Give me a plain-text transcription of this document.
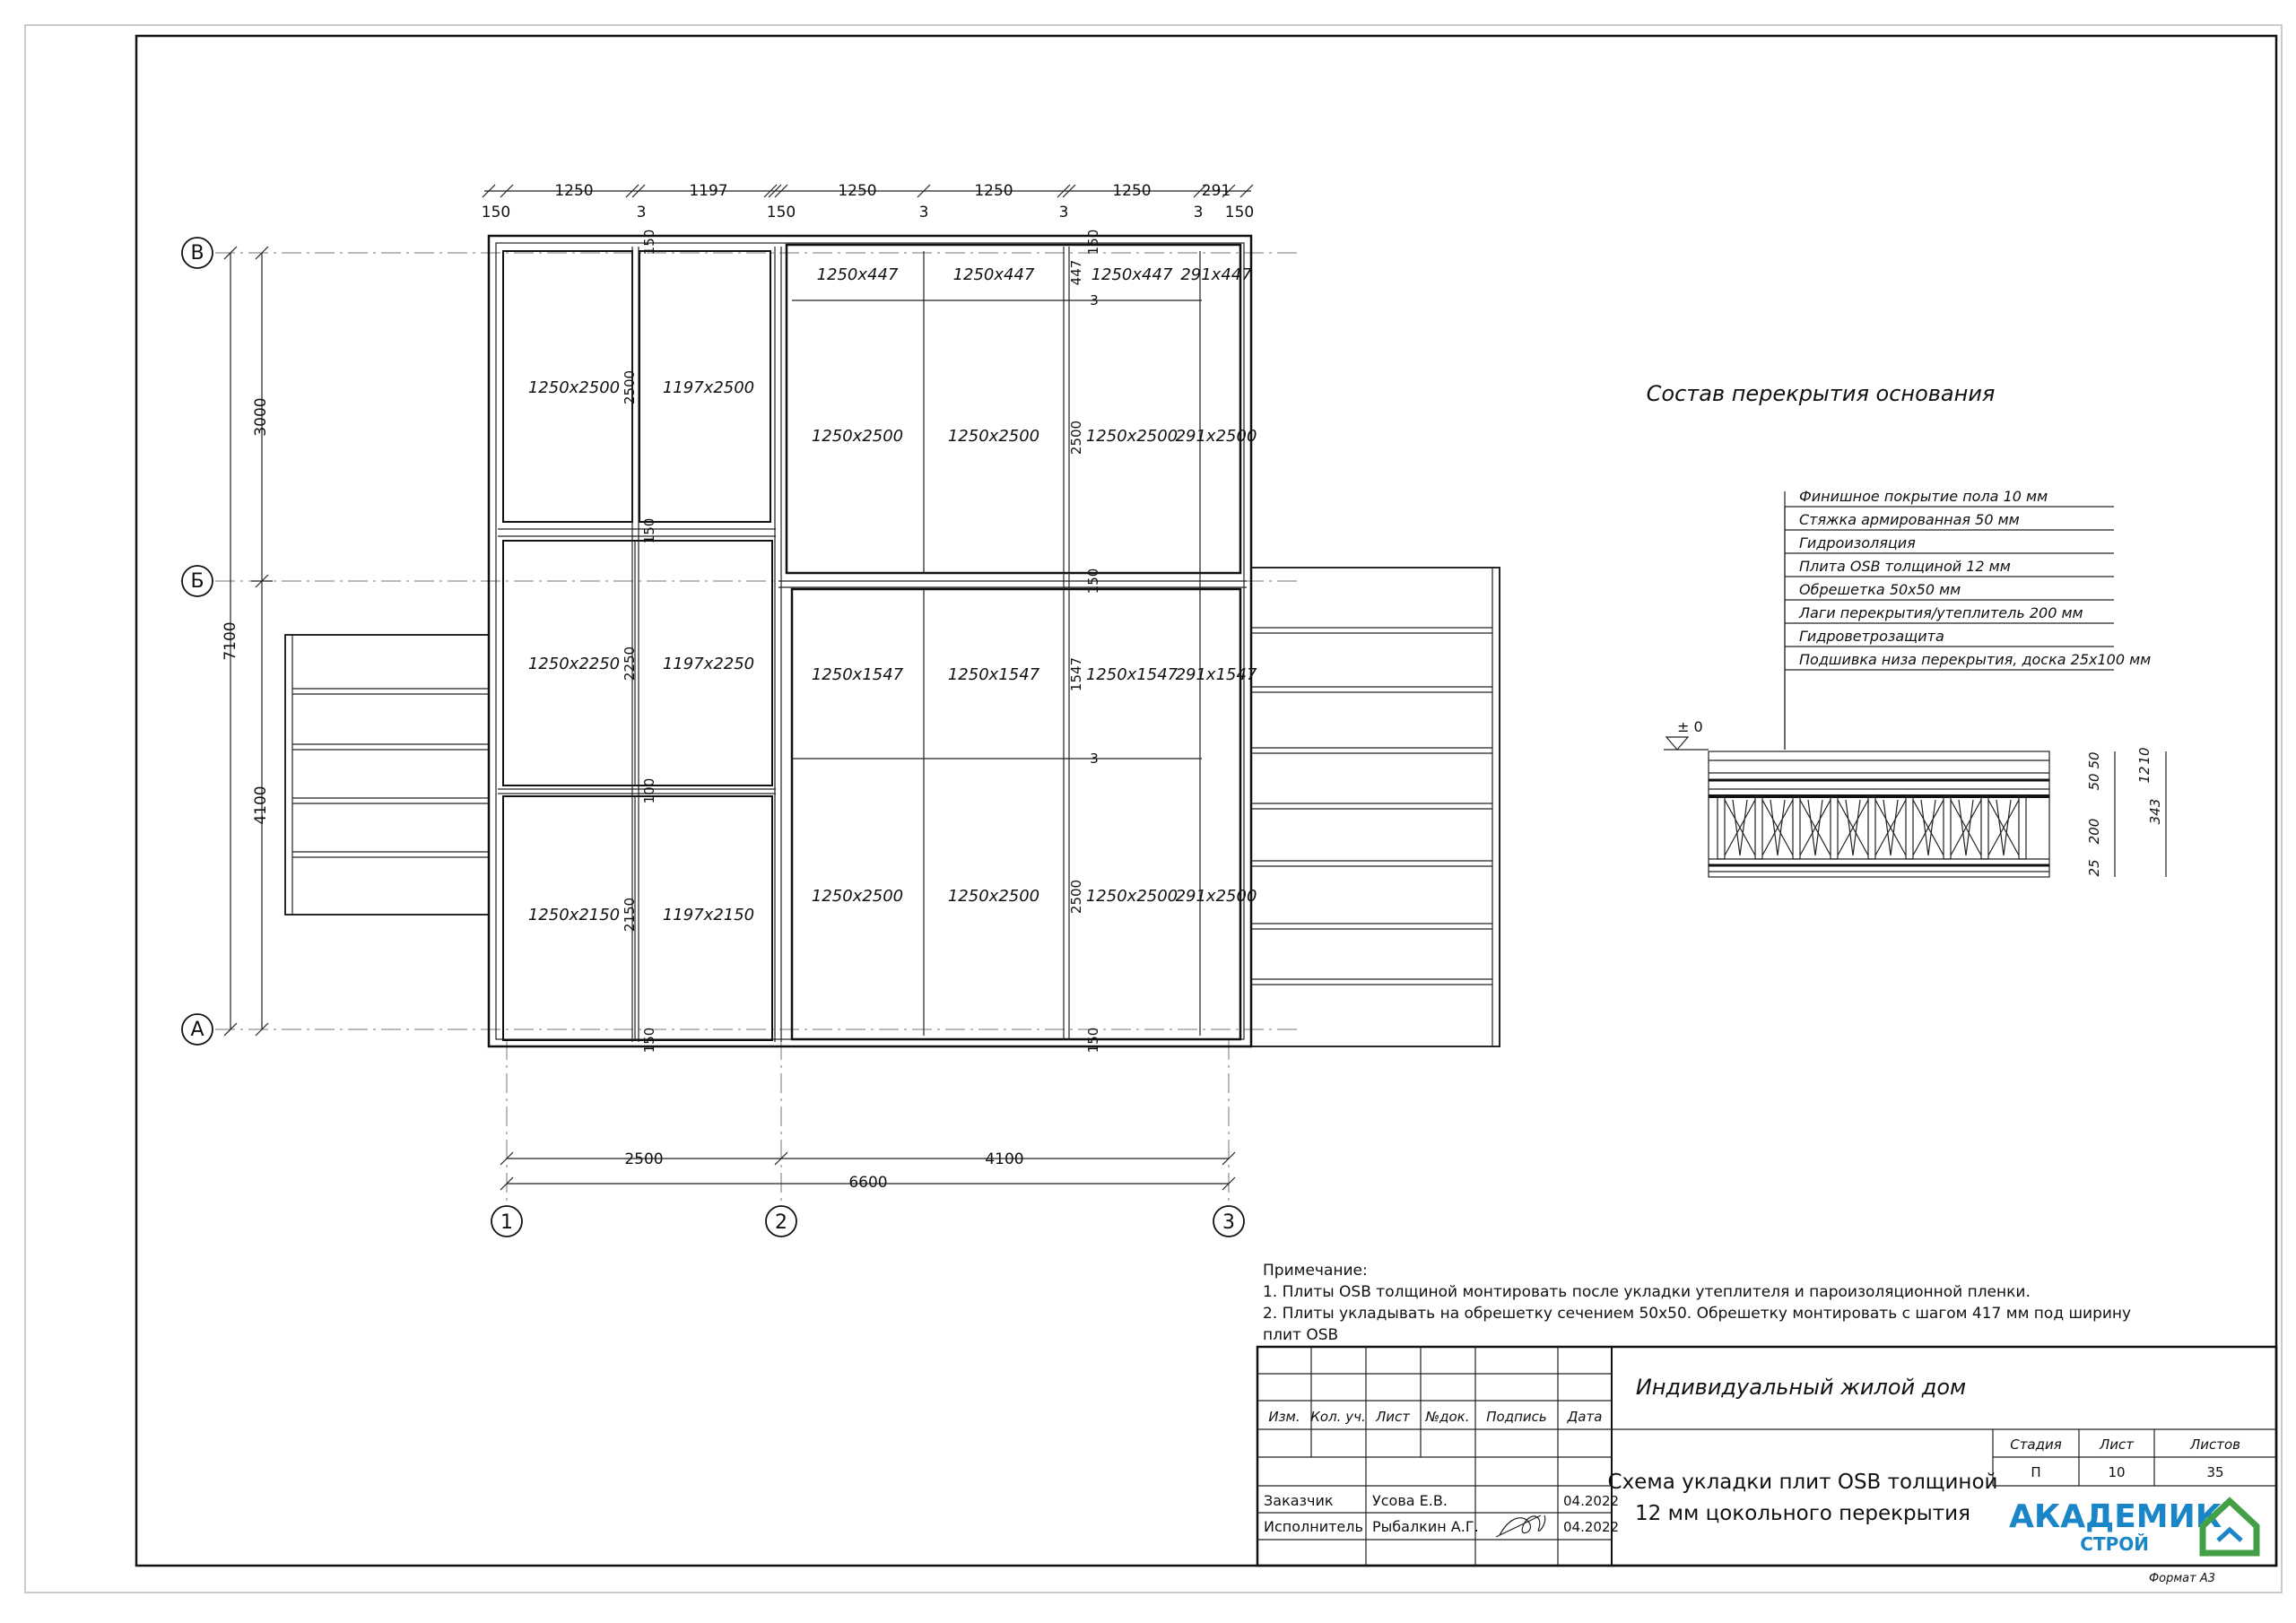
150
1250
3
1197
150
1250
3
1250
3
1250
3
291
150
7100
3000
4100
В
Б
А
2500	4100
6600
1	2	3
1250x2500	1197x2500
1250x2250	1197x2250
1250x2150	1197x2150
1250x447	1250x447	1250x447 291x447
1250x2500	1250x2500	1250x2500
291x2500
1250x1547	1250x1547	1250x1547
291x1547
1250x2500	1250x2500	1250x2500
291x2500
150
2500
150
2250
100
2150
150
150
447
3
2500
150
1547
3
2500
150
Состав перекрытия основания
Финишное покрытие пола 10 мм
Стяжка армированная 50 мм
Гидроизоляция
Плита OSB толщиной 12 мм
Обрешетка 50х50 мм
Лаги перекрытия/утеплитель 200 мм
Гидроветрозащита
Подшивка низа перекрытия, доска 25х100 мм
± 0
12
10
50
50
200
25
343
Примечание:
1. Плиты OSB толщиной монтировать после укладки утеплителя и пароизоляционной пленки.
2. Плиты укладывать на обрешетку сечением 50х50. Обрешетку монтировать с шагом 417 мм под ширину
плит OSB
Изм. Кол. уч. Лист №док. Подпись Дата
Заказчик	Усова Е.В.	04.2022
Исполнитель Рыбалкин А.Г.	04.2022
Индивидуальный жилой дом
Схема укладки плит OSB толщиной
12 мм цокольного перекрытия
Стадия	Лист	Листов
П	10	35
АКАДЕМИК
СТРОЙ
Формат А3
